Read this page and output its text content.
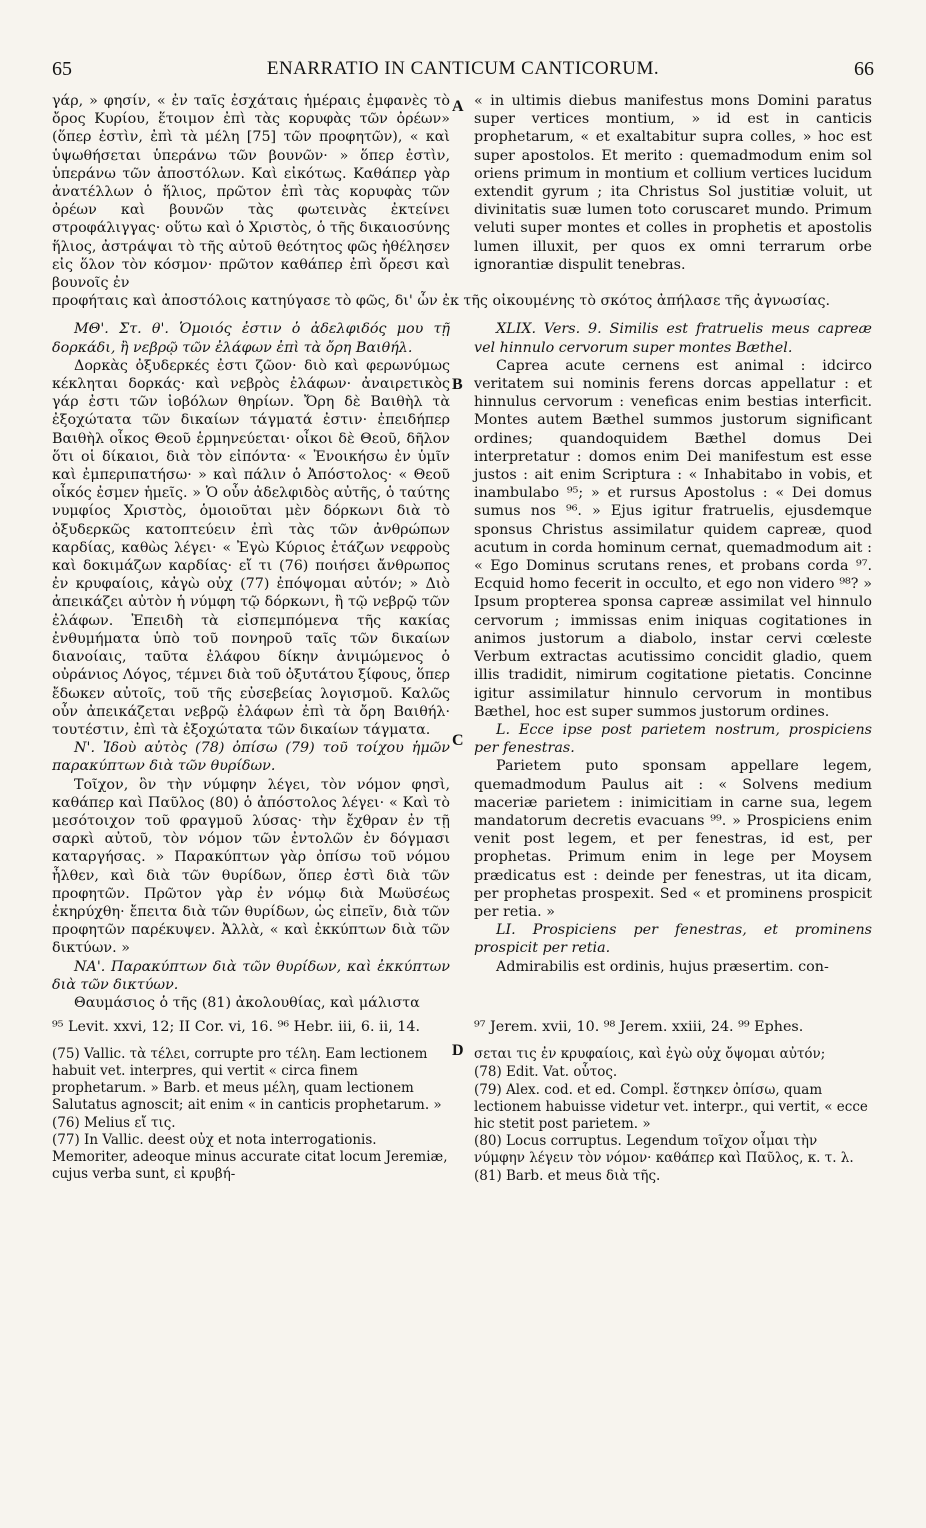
65	ENARRATIO IN CANTICUM CANTICORUM.	66
A
B
C
D

γάρ, » φησίν, « ἐν ταῖς ἐσχάταις ἡμέραις ἐμφανὲς τὸ ὄρος Κυρίου, ἕτοιμον ἐπὶ τὰς κορυφὰς τῶν ὀρέων» (ὅπερ ἐστὶν, ἐπὶ τὰ μέλη [75] τῶν προφητῶν), « καὶ ὑψωθήσεται ὑπεράνω τῶν βουνῶν· » ὅπερ ἐστὶν, ὑπεράνω τῶν ἀποστόλων. Καὶ εἰκότως. Καθάπερ γὰρ ἀνατέλλων ὁ ἥλιος, πρῶτον ἐπὶ τὰς κορυφὰς τῶν ὀρέων καὶ βουνῶν τὰς φωτεινὰς ἐκτείνει στροφάλιγγας· οὕτω καὶ ὁ Χριστὸς, ὁ τῆς δικαιοσύνης ἥλιος, ἀστράψαι τὸ τῆς αὐτοῦ θεότητος φῶς ἠθέλησεν εἰς ὅλον τὸν κόσμον· πρῶτον καθάπερ ἐπὶ ὄρεσι καὶ βουνοῖς ἐν

« in ultimis diebus manifestus mons Domini paratus super vertices montium, » id est in canticis prophetarum, « et exaltabitur supra colles, » hoc est super apostolos. Et merito : quemadmodum enim sol oriens primum in montium et collium vertices lucidum extendit gyrum ; ita Christus Sol justitiæ voluit, ut divinitatis suæ lumen toto coruscaret mundo. Primum veluti super montes et colles in prophetis et apostolis lumen illuxit, per quos ex omni terrarum orbe ignorantiæ dispulit tenebras.

προφήταις καὶ ἀποστόλοις κατηύγασε τὸ φῶς, δι' ὧν ἐκ τῆς οἰκουμένης τὸ σκότος ἀπήλασε τῆς ἀγνωσίας.

ΜΘ'. Στ. θ'. Ὁμοιός ἐστιν ὁ ἀδελφιδός μου τῇ δορκάδι, ἢ νεβρῷ τῶν ἐλάφων ἐπὶ τὰ ὄρη Βαιθήλ.

Δορκὰς ὀξυδερκές ἐστι ζῶον· διὸ καὶ φερωνύμως κέκληται δορκάς· καὶ νεβρὸς ἐλάφων· ἀναιρετικὸς γάρ ἐστι τῶν ἰοβόλων θηρίων. Ὄρη δὲ Βαιθὴλ τὰ ἐξοχώτατα τῶν δικαίων τάγματά ἐστιν· ἐπειδήπερ Βαιθὴλ οἶκος Θεοῦ ἑρμηνεύεται· οἶκοι δὲ Θεοῦ, δῆλον ὅτι οἱ δίκαιοι, διὰ τὸν εἰπόντα· « Ἐνοικήσω ἐν ὑμῖν καὶ ἐμπεριπατήσω· » καὶ πάλιν ὁ Ἀπόστολος· « Θεοῦ οἶκός ἐσμεν ἡμεῖς. » Ὁ οὖν ἀδελφιδὸς αὐτῆς, ὁ ταύτης νυμφίος Χριστὸς, ὁμοιοῦται μὲν δόρκωνι διὰ τὸ ὀξυδερκῶς κατοπτεύειν ἐπὶ τὰς τῶν ἀνθρώπων καρδίας, καθὼς λέγει· « Ἐγὼ Κύριος ἐτάζων νεφροὺς καὶ δοκιμάζων καρδίας· εἴ τι (76) ποιήσει ἄνθρωπος ἐν κρυφαίοις, κἀγὼ οὐχ (77) ἐπόψομαι αὐτόν; » Διὸ ἀπεικάζει αὐτὸν ἡ νύμφη τῷ δόρκωνι, ἢ τῷ νεβρῷ τῶν ἐλάφων. Ἐπειδὴ τὰ εἰσπεμπόμενα τῆς κακίας ἐνθυμήματα ὑπὸ τοῦ πονηροῦ ταῖς τῶν δικαίων διανοίαις, ταῦτα ἐλάφου δίκην ἀνιμώμενος ὁ οὐράνιος Λόγος, τέμνει διὰ τοῦ ὀξυτάτου ξίφους, ὅπερ ἔδωκεν αὐτοῖς, τοῦ τῆς εὐσεβείας λογισμοῦ. Καλῶς οὖν ἀπεικάζεται νεβρῷ ἐλάφων ἐπὶ τὰ ὄρη Βαιθήλ· τουτέστιν, ἐπὶ τὰ ἐξοχώτατα τῶν δικαίων τάγματα.

Ν'. Ἰδοὺ αὐτὸς (78) ὀπίσω (79) τοῦ τοίχου ἡμῶν παρακύπτων διὰ τῶν θυρίδων.

Τοῖχον, ὃν τὴν νύμφην λέγει, τὸν νόμον φησὶ, καθάπερ καὶ Παῦλος (80) ὁ ἀπόστολος λέγει· « Καὶ τὸ μεσότοιχον τοῦ φραγμοῦ λύσας· τὴν ἔχθραν ἐν τῇ σαρκὶ αὐτοῦ, τὸν νόμον τῶν ἐντολῶν ἐν δόγμασι καταργήσας. » Παρακύπτων γὰρ ὀπίσω τοῦ νόμου ἦλθεν, καὶ διὰ τῶν θυρίδων, ὅπερ ἐστὶ διὰ τῶν προφητῶν. Πρῶτον γὰρ ἐν νόμῳ διὰ Μωϋσέως ἐκηρύχθη· ἔπειτα διὰ τῶν θυρίδων, ὡς εἰπεῖν, διὰ τῶν προφητῶν παρέκυψεν. Ἀλλὰ, « καὶ ἐκκύπτων διὰ τῶν δικτύων. »

ΝΑ'. Παρακύπτων διὰ τῶν θυρίδων, καὶ ἐκκύπτων διὰ τῶν δικτύων.

Θαυμάσιος ὁ τῆς (81) ἀκολουθίας, καὶ μάλιστα

XLIX. Vers. 9. Similis est fratruelis meus capreæ vel hinnulo cervorum super montes Bæthel.

Caprea acute cernens est animal : idcirco veritatem sui nominis ferens dorcas appellatur : et hinnulus cervorum : veneficas enim bestias interficit. Montes autem Bæthel summos justorum significant ordines; quandoquidem Bæthel domus Dei interpretatur : domos enim Dei manifestum est esse justos : ait enim Scriptura : « Inhabitabo in vobis, et inambulabo ⁹⁵; » et rursus Apostolus : « Dei domus sumus nos ⁹⁶. » Ejus igitur fratruelis, ejusdemque sponsus Christus assimilatur quidem capreæ, quod acutum in corda hominum cernat, quemadmodum ait : « Ego Dominus scrutans renes, et probans corda ⁹⁷. Ecquid homo fecerit in occulto, et ego non videro ⁹⁸? » Ipsum propterea sponsa capreæ assimilat vel hinnulo cervorum ; immissas enim iniquas cogitationes in animos justorum a diabolo, instar cervi cœleste Verbum extractas acutissimo concidit gladio, quem illis tradidit, nimirum cogitatione pietatis. Concinne igitur assimilatur hinnulo cervorum in montibus Bæthel, hoc est super summos justorum ordines.

L. Ecce ipse post parietem nostrum, prospiciens per fenestras.

Parietem puto sponsam appellare legem, quemadmodum Paulus ait : « Solvens medium maceriæ parietem : inimicitiam in carne sua, legem mandatorum decretis evacuans ⁹⁹. » Prospiciens enim venit post legem, et per fenestras, id est, per prophetas. Primum enim in lege per Moysem prædicatus est : deinde per fenestras, ut ita dicam, per prophetas prospexit. Sed « et prominens prospicit per retia. »

LI. Prospiciens per fenestras, et prominens prospicit per retia.

Admirabilis est ordinis, hujus præsertim. con-

⁹⁵ Levit. xxvi, 12; II Cor. vi, 16. ⁹⁶ Hebr. iii, 6. ii, 14.	⁹⁷ Jerem. xvii, 10. ⁹⁸ Jerem. xxiii, 24. ⁹⁹ Ephes.

(75) Vallic. τὰ τέλει, corrupte pro τέλη. Eam lectionem habuit vet. interpres, qui vertit « circa finem prophetarum. » Barb. et meus μέλη, quam lectionem Salutatus agnoscit; ait enim « in canticis prophetarum. »

(76) Melius εἴ τις.

(77) In Vallic. deest οὐχ et nota interrogationis. Memoriter, adeoque minus accurate citat locum Jeremiæ, cujus verba sunt, εἰ κρυβή-

σεται τις ἐν κρυφαίοις, καὶ ἐγὼ οὐχ ὄψομαι αὐτόν;

(78) Edit. Vat. οὗτος.

(79) Alex. cod. et ed. Compl. ἕστηκεν ὀπίσω, quam lectionem habuisse videtur vet. interpr., qui vertit, « ecce hic stetit post parietem. »

(80) Locus corruptus. Legendum τοῖχον οἶμαι τὴν νύμφην λέγειν τὸν νόμον· καθάπερ καὶ Παῦλος, κ. τ. λ.

(81) Barb. et meus διὰ τῆς.
